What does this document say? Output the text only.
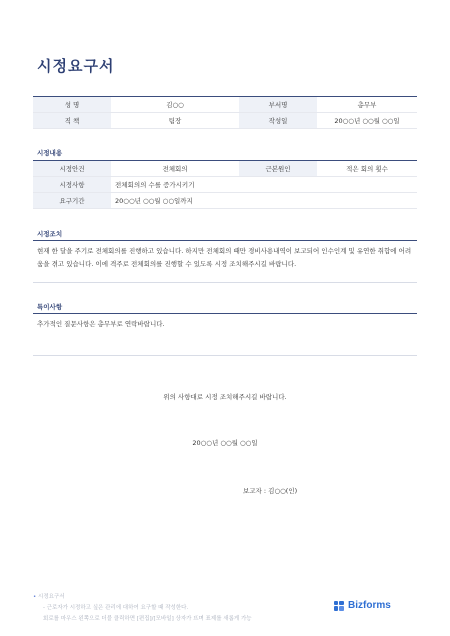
시정요구서
성 명	김○○	부서명	총무부
직 책	팀장	작성일	20○○년 ○○월 ○○일
시정내용
시정안건	전체회의	근본원인	적은 회의 횟수
시정사항	전체회의의 수를 증가시키기		
요구기간	20○○년 ○○월 ○○일까지		
시정조치
현재 한 달을 주기로 전체회의를 진행하고 있습니다. 하지만 전체회의 때만 경비사용내역이 보고되어 인수인계 및 유연한 취합에 어려움을 겪고 있습니다. 이에 격주로 전체회의를 진행할 수 있도록 시정 조치해주시길 바랍니다.
특이사항
추가적인 질문사항은 총무부로 연락바랍니다.
위의 사항대로 시정 조치해주시길 바랍니다.
20○○년 ○○월 ○○일
보고자 : 김○○(인)
• 시정요구서
- 근로자가 시정하고 싶은 관리에 대하여 요구할 때 작성한다.
회로를 마우스 왼쪽으로 더블 클릭하면 [편집]/[모바일] 상자가 뜨며 표제를 새롭게 가능
Bizforms
